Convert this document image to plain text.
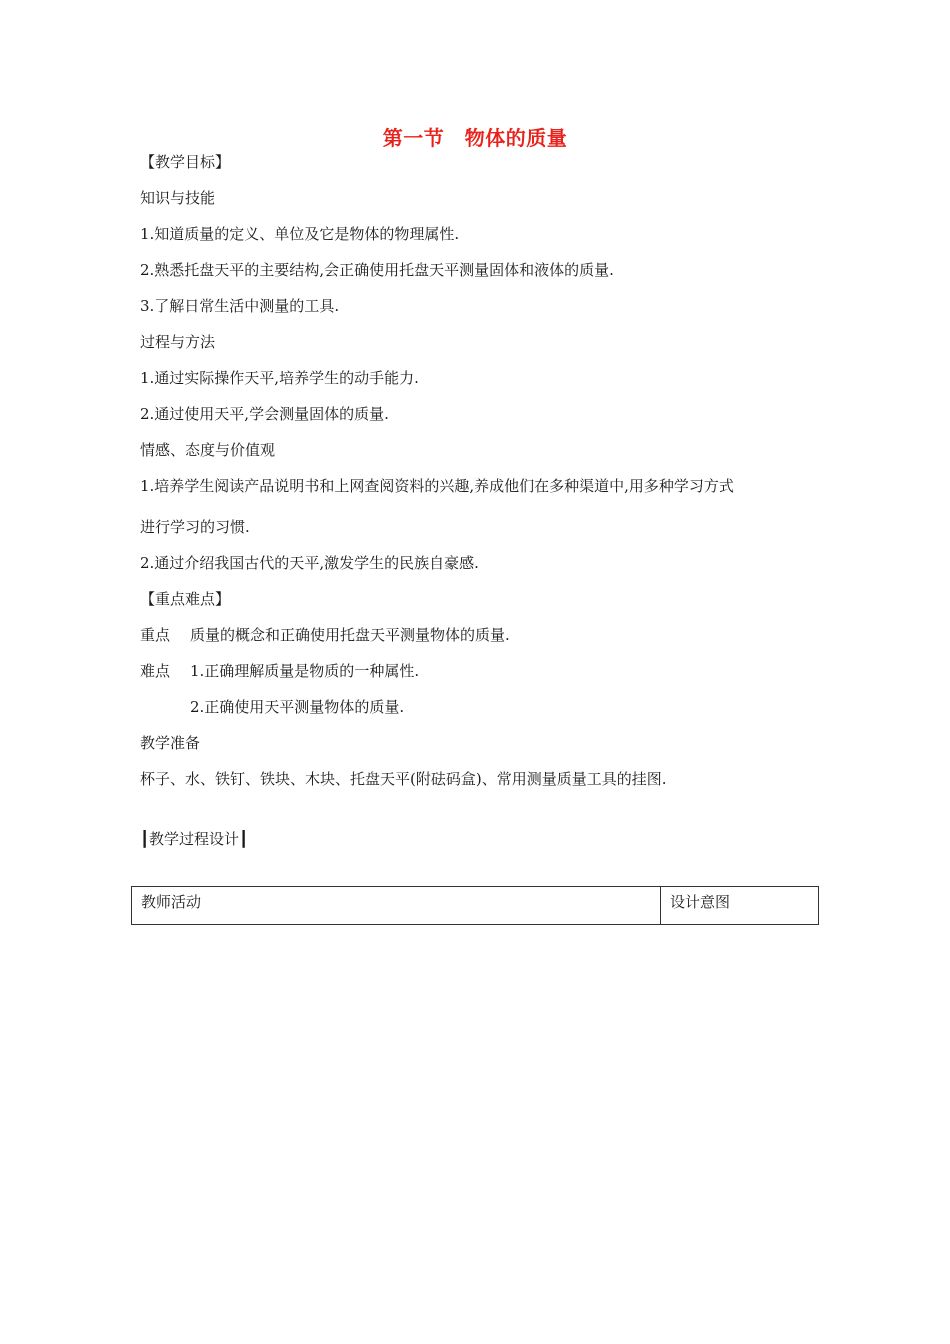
第一节　物体的质量
【教学目标】
知识与技能
1.知道质量的定义、单位及它是物体的物理属性.
2.熟悉托盘天平的主要结构,会正确使用托盘天平测量固体和液体的质量.
3.了解日常生活中测量的工具.
过程与方法
1.通过实际操作天平,培养学生的动手能力.
2.通过使用天平,学会测量固体的质量.
情感、态度与价值观
1.培养学生阅读产品说明书和上网查阅资料的兴趣,养成他们在多种渠道中,用多种学习方式
进行学习的习惯.
2.通过介绍我国古代的天平,激发学生的民族自豪感.
【重点难点】
重点 质量的概念和正确使用托盘天平测量物体的质量.
难点 1.正确理解质量是物质的一种属性.
2.正确使用天平测量物体的质量.
教学准备
杯子、水、铁钉、铁块、木块、托盘天平(附砝码盒)、常用测量质量工具的挂图.
┃教学过程设计┃
教师活动	设计意图
